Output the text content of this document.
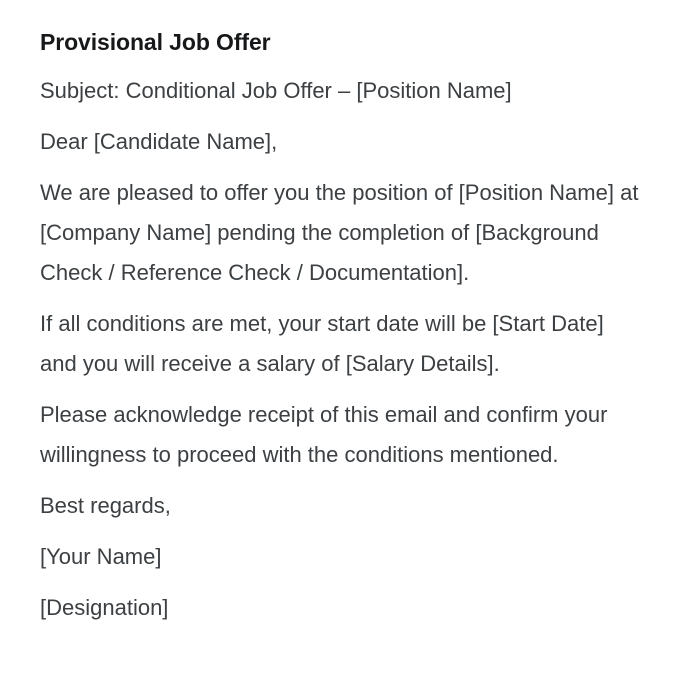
Provisional Job Offer

Subject: Conditional Job Offer – [Position Name]

Dear [Candidate Name],

We are pleased to offer you the position of [Position Name] at [Company Name] pending the completion of [Background Check / Reference Check / Documentation].

If all conditions are met, your start date will be [Start Date] and you will receive a salary of [Salary Details].

Please acknowledge receipt of this email and confirm your willingness to proceed with the conditions mentioned.

Best regards,

[Your Name]

[Designation]
